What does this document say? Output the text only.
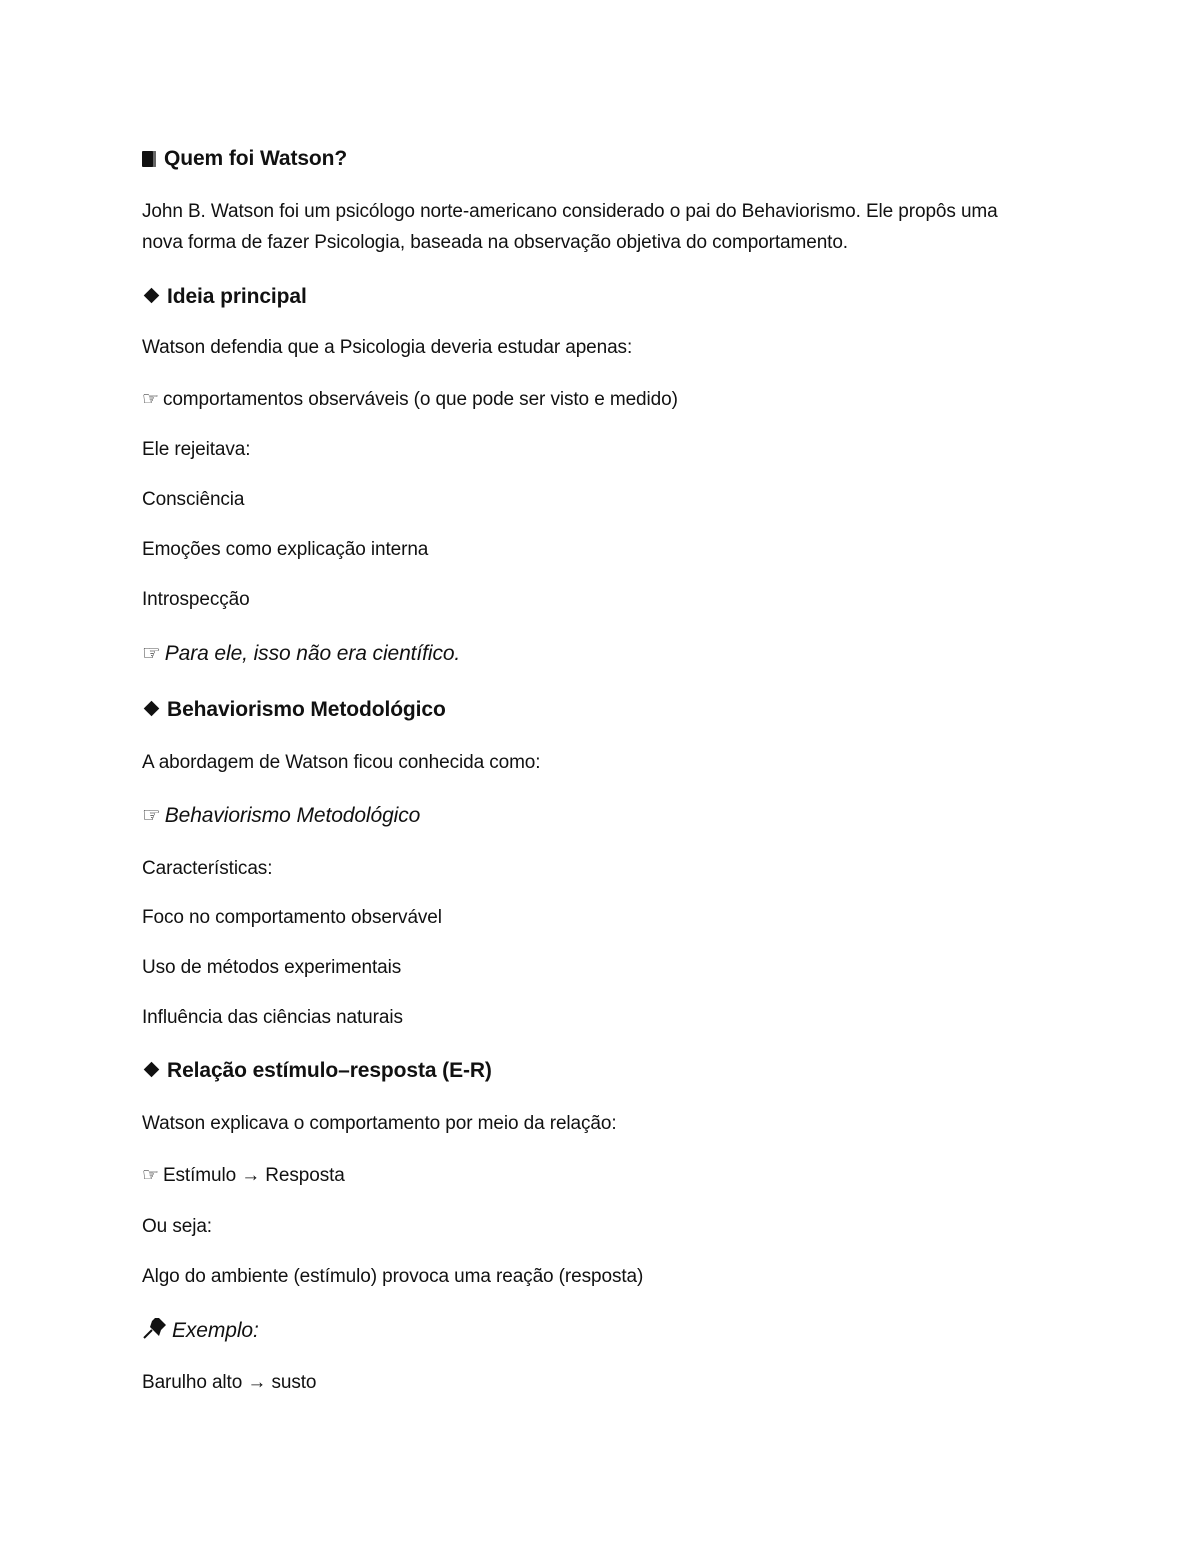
Quem foi Watson?
John B. Watson foi um psicólogo norte-americano considerado o pai do Behaviorismo. Ele propôs uma
nova forma de fazer Psicologia, baseada na observação objetiva do comportamento.
Ideia principal
Watson defendia que a Psicologia deveria estudar apenas:
☞ comportamentos observáveis (o que pode ser visto e medido)
Ele rejeitava:
Consciência
Emoções como explicação interna
Introspecção
☞ Para ele, isso não era científico.
Behaviorismo Metodológico
A abordagem de Watson ficou conhecida como:
☞ Behaviorismo Metodológico
Características:
Foco no comportamento observável
Uso de métodos experimentais
Influência das ciências naturais
Relação estímulo–resposta (E-R)
Watson explicava o comportamento por meio da relação:
☞ Estímulo → Resposta
Ou seja:
Algo do ambiente (estímulo) provoca uma reação (resposta)
Exemplo:
Barulho alto → susto
